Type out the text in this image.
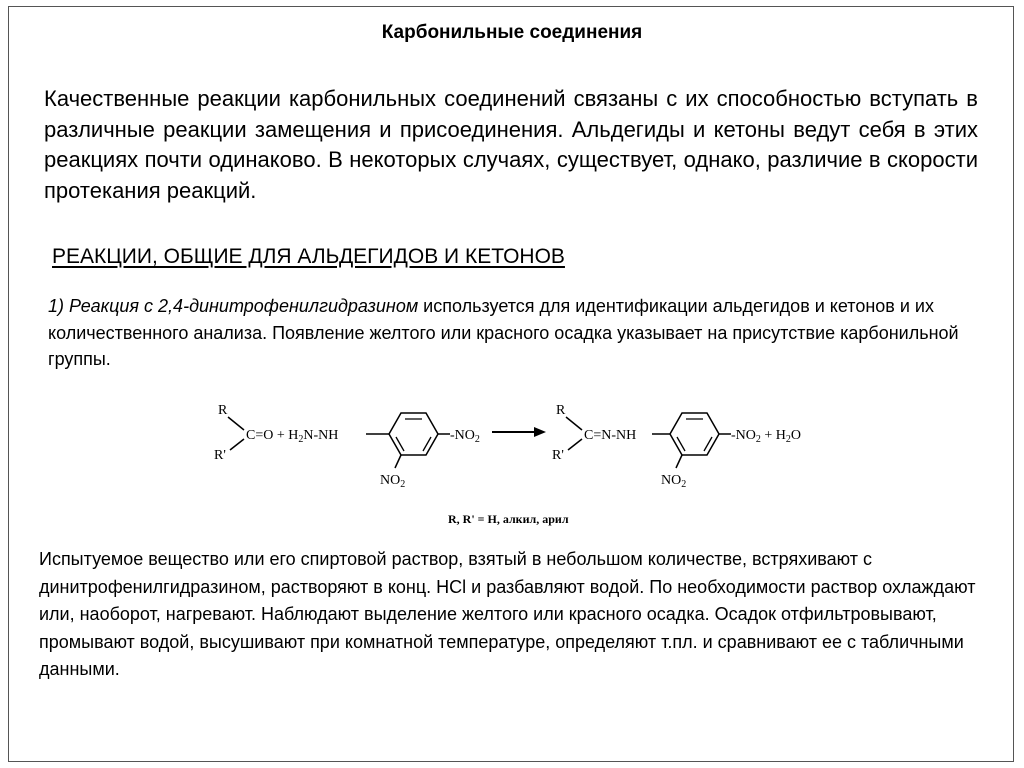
Карбонильные соединения
Качественные реакции карбонильных соединений связаны с их способностью вступать в различные реакции замещения и присоединения. Альдегиды и кетоны ведут себя в этих реакциях почти одинаково. В некоторых случаях, существует, однако, различие в скорости протекания реакций.
РЕАКЦИИ, ОБЩИЕ ДЛЯ АЛЬДЕГИДОВ И КЕТОНОВ
1) Реакция с 2,4-динитрофенилгидразином используется для идентификации альдегидов и кетонов и их количественного анализа. Появление желтого или красного осадка указывает на присутствие карбонильной группы.
R
R'
$C=O + H_2N-NH$	$-NO_2$
$NO_2$
R
R'
C=N-NH	$-NO_2 + H_2O$
$NO_2$
R, R' = H, алкил, арил
Испытуемое вещество или его спиртовой раствор, взятый в небольшом количестве, встряхивают с динитрофенилгидразином, растворяют в конц. HCl и разбавляют водой. По необходимости раствор охлаждают или, наоборот, нагревают. Наблюдают выделение желтого или красного осадка. Осадок отфильтровывают, промывают водой, высушивают при комнатной температуре, определяют т.пл. и сравнивают ее с табличными данными.
